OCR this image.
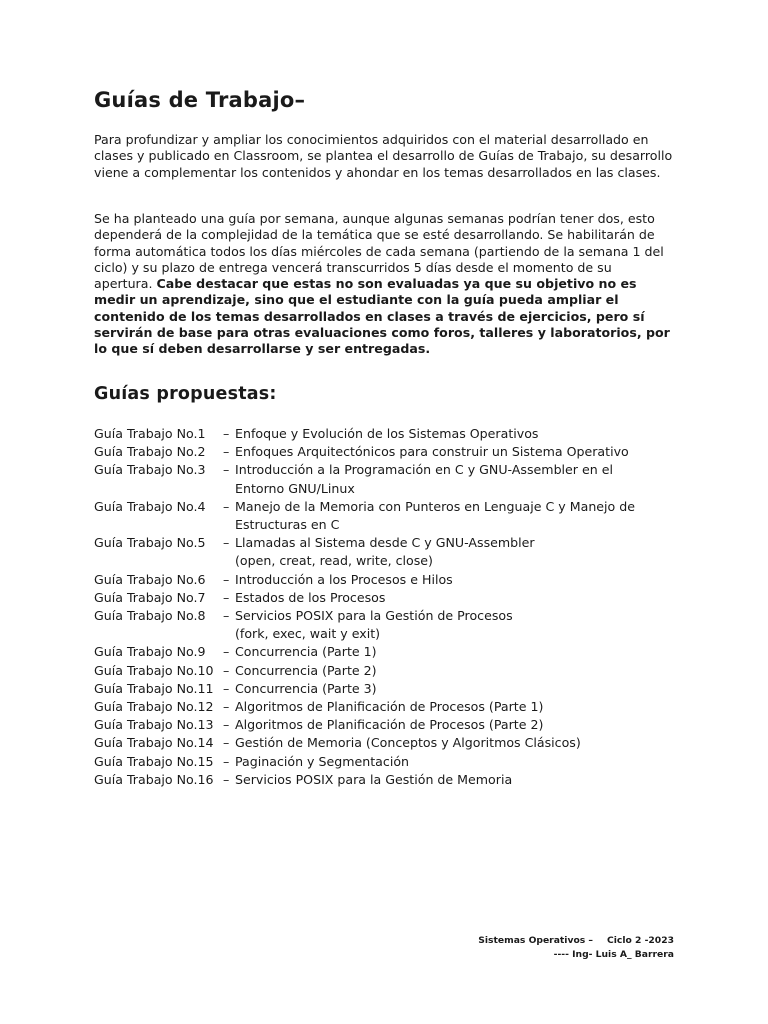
Guías de Trabajo–

Para profundizar y ampliar los conocimientos adquiridos con el material desarrollado en clases y publicado en Classroom, se plantea el desarrollo de Guías de Trabajo, su desarrollo viene a complementar los contenidos y ahondar en los temas desarrollados en las clases.

Se ha planteado una guía por semana, aunque algunas semanas podrían tener dos, esto dependerá de la complejidad de la temática que se esté desarrollando. Se habilitarán de forma automática todos los días miércoles de cada semana (partiendo de la semana 1 del ciclo) y su plazo de entrega vencerá transcurridos 5 días desde el momento de su apertura. Cabe destacar que estas no son evaluadas ya que su objetivo no es medir un aprendizaje, sino que el estudiante con la guía pueda ampliar el contenido de los temas desarrollados en clases a través de ejercicios, pero sí servirán de base para otras evaluaciones como foros, talleres y laboratorios, por lo que sí deben desarrollarse y ser entregadas.

Guías propuestas:
Guía Trabajo No.1	– Enfoque y Evolución de los Sistemas Operativos
Guía Trabajo No.2	– Enfoques Arquitectónicos para construir un Sistema Operativo
Guía Trabajo No.3	– Introducción a la Programación en C y GNU-Assembler en el
Entorno GNU/Linux
Guía Trabajo No.4	– Manejo de la Memoria con Punteros en Lenguaje C y Manejo de
Estructuras en C
Guía Trabajo No.5	– Llamadas al Sistema desde C y GNU-Assembler
(open, creat, read, write, close)
Guía Trabajo No.6	– Introducción a los Procesos e Hilos
Guía Trabajo No.7	– Estados de los Procesos
Guía Trabajo No.8	– Servicios POSIX para la Gestión de Procesos
(fork, exec, wait y exit)
Guía Trabajo No.9	– Concurrencia (Parte 1)
Guía Trabajo No.10 – Concurrencia (Parte 2)
Guía Trabajo No.11 – Concurrencia (Parte 3)
Guía Trabajo No.12 – Algoritmos de Planificación de Procesos (Parte 1)
Guía Trabajo No.13 – Algoritmos de Planificación de Procesos (Parte 2)
Guía Trabajo No.14 – Gestión de Memoria (Conceptos y Algoritmos Clásicos)
Guía Trabajo No.15 – Paginación y Segmentación
Guía Trabajo No.16 – Servicios POSIX para la Gestión de Memoria
Sistemas Operativos – Ciclo 2 -2023
---- Ing- Luis A_ Barrera
